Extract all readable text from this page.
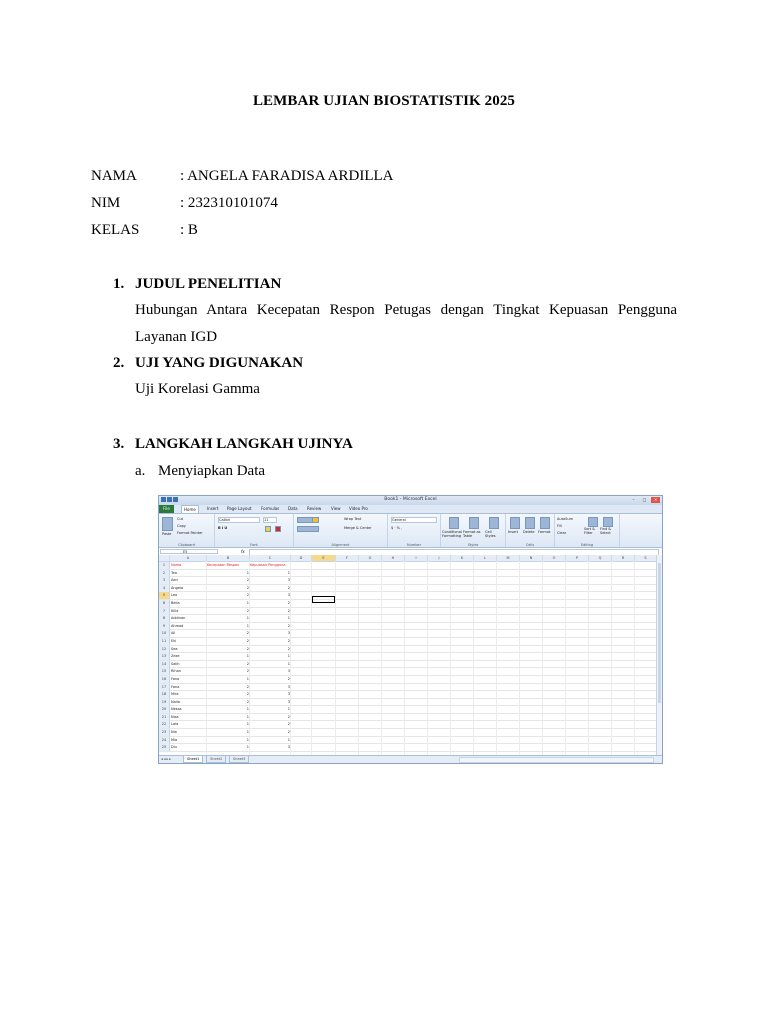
LEMBAR UJIAN BIOSTATISTIK 2025
NAMA	: ANGELA FARADISA ARDILLA
NIM	: 232310101074
KELAS	: B
1. JUDUL PENELITIAN
Hubungan Antara Kecepatan Respon Petugas dengan Tingkat Kepuasan Pengguna Layanan IGD
2. UJI YANG DIGUNAKAN
Uji Korelasi Gamma
3. LANGKAH LANGKAH UJINYA
a. Menyiapkan Data
Book1 - Microsoft Excel	– □ ✕
File	Home	Insert	Page Layout	Formulas	Data	Review	View	Video Pro
Paste
Cut
Copy
Format Painter
Clipboard
Calibri	11
B I U
Font
Wrap Text
Merge & Center
Alignment
General
$ · % ,
Number
Conditional Formatting
Format as Table
Cell Styles
Styles
Insert Delete Format
Cells
AutoSum
Fill
Clear
Sort & Filter
Find & Select
Editing
E5	fx
A	B	C	D	E	F	G	H	I	J	K	L	M	N	O	P	Q	R	S
1	Nama	Kecepatan Respon	Kepuasan Pengguna
2	Tea	1	1
3	Aeri	2	3
4	Angela	2	2
5	Lea	2	3
6	Bella	1	2
7	Killa	2	2
8	Addinan	1	1
9	Ahmad	1	2
10	Ali	2	3
11	Eki	2	2
12	Sea	2	2
13	Zeze	1	1
14	Salih	2	1
15	Rihan	2	3
16	Fano	1	2
17	Fona	2	3
18	Mira	2	3
19	Naila	2	3
20	Nessa	1	1
21	Nisa	1	2
22	Lala	1	2
23	Nia	1	2
24	Mia	1	1
25	Diu	1	3
◂◂▸▸	Sheet1	Sheet2	Sheet3
